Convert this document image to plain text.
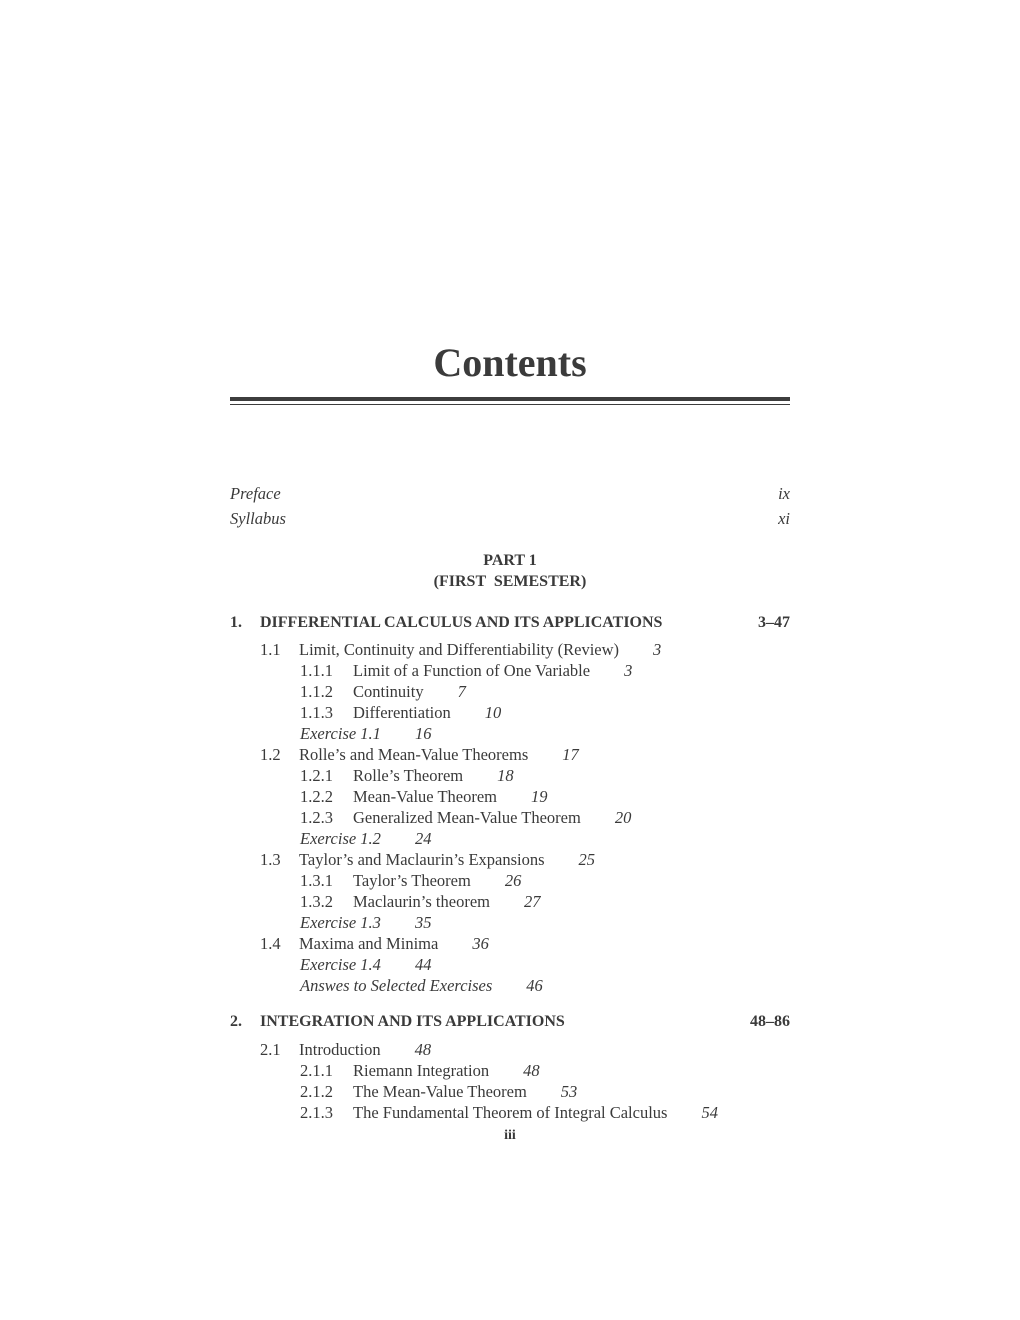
Contents
Preface	ix
Syllabus	xi
PART 1
(FIRST  SEMESTER)
1. DIFFERENTIAL CALCULUS AND ITS APPLICATIONS	3–47
1.1 Limit, Continuity and Differentiability (Review) 3
1.1.1 Limit of a Function of One Variable 3
1.1.2 Continuity 7
1.1.3 Differentiation 10
Exercise 1.1 16
1.2 Rolle’s and Mean-Value Theorems 17
1.2.1 Rolle’s Theorem 18
1.2.2 Mean-Value Theorem 19
1.2.3 Generalized Mean-Value Theorem 20
Exercise 1.2 24
1.3 Taylor’s and Maclaurin’s Expansions 25
1.3.1 Taylor’s Theorem 26
1.3.2 Maclaurin’s theorem 27
Exercise 1.3 35
1.4 Maxima and Minima 36
Exercise 1.4 44
Answes to Selected Exercises 46
2. INTEGRATION AND ITS APPLICATIONS	48–86
2.1 Introduction 48
2.1.1 Riemann Integration 48
2.1.2 The Mean-Value Theorem 53
2.1.3 The Fundamental Theorem of Integral Calculus 54
iii
